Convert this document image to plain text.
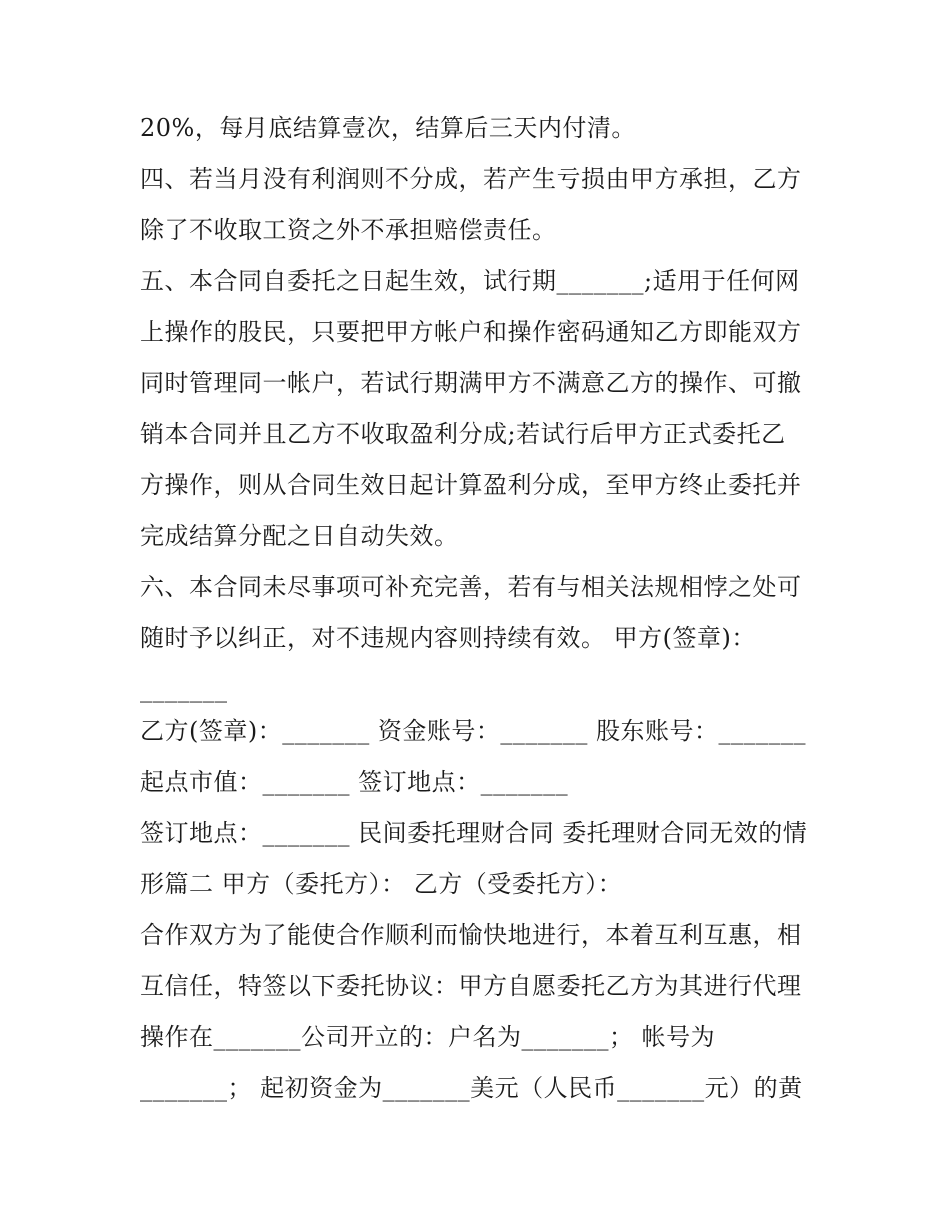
20%，每月底结算壹次，结算后三天内付清。
四、若当月没有利润则不分成，若产生亏损由甲方承担，乙方
除了不收取工资之外不承担赔偿责任。
五、本合同自委托之日起生效，试行期_______;适用于任何网
上操作的股民，只要把甲方帐户和操作密码通知乙方即能双方
同时管理同一帐户，若试行期满甲方不满意乙方的操作、可撤
销本合同并且乙方不收取盈利分成;若试行后甲方正式委托乙
方操作，则从合同生效日起计算盈利分成，至甲方终止委托并
完成结算分配之日自动失效。
六、本合同未尽事项可补充完善，若有与相关法规相悖之处可
随时予以纠正，对不违规内容则持续有效。 甲方(签章)：
_______
乙方(签章)：_______ 资金账号：_______ 股东账号：_______
起点市值：_______ 签订地点：_______
签订地点：_______ 民间委托理财合同 委托理财合同无效的情
形篇二 甲方（委托方）： 乙方（受委托方）：
合作双方为了能使合作顺利而愉快地进行，本着互利互惠，相
互信任，特签以下委托协议：甲方自愿委托乙方为其进行代理
操作在_______公司开立的：户名为_______； 帐号为
_______； 起初资金为_______美元（人民币_______元）的黄
